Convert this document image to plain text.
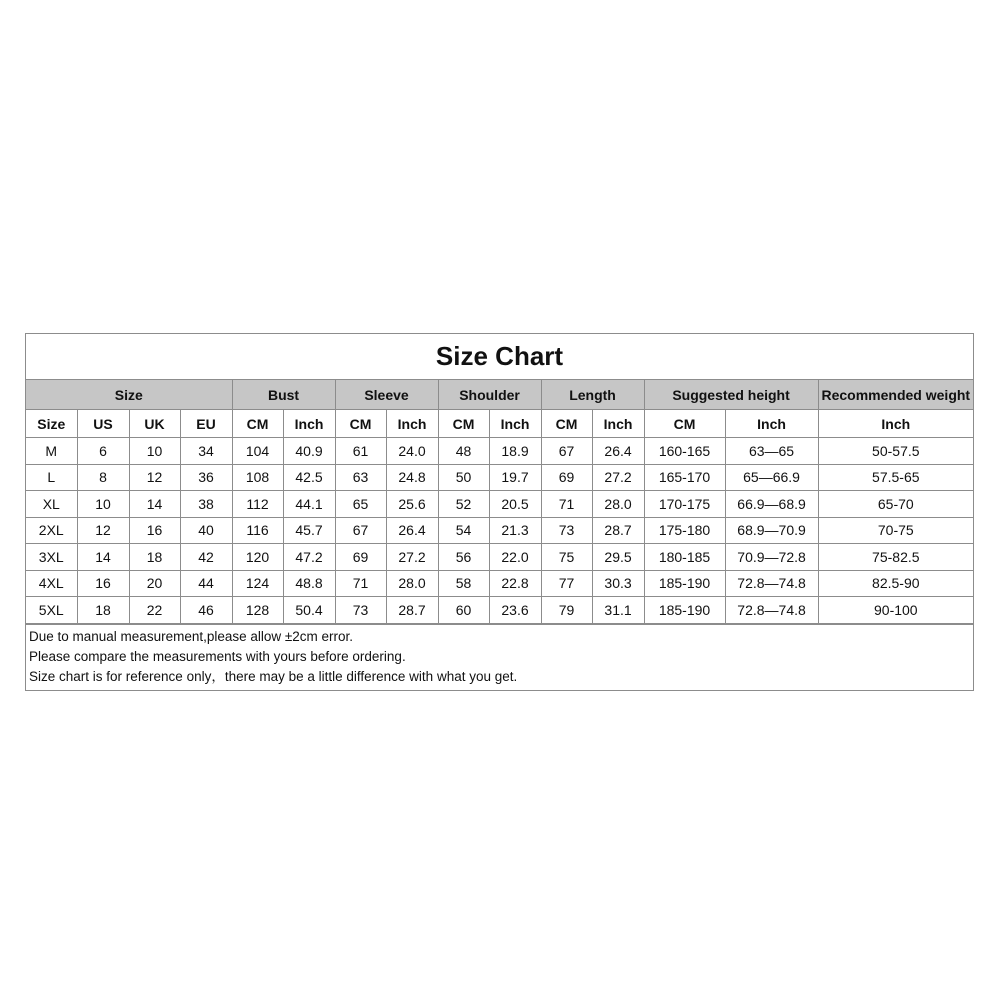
Size Chart
Size				Bust		Sleeve		Shoulder		Length		Suggested height		Recommended weight
Size	US	UK	EU	CM	Inch	CM	Inch	CM	Inch	CM	Inch	CM	Inch	Inch
M	6	10	34	104	40.9	61	24.0	48	18.9	67	26.4	160-165	63—65	50-57.5
L	8	12	36	108	42.5	63	24.8	50	19.7	69	27.2	165-170	65—66.9	57.5-65
XL	10	14	38	112	44.1	65	25.6	52	20.5	71	28.0	170-175	66.9—68.9	65-70
2XL	12	16	40	116	45.7	67	26.4	54	21.3	73	28.7	175-180	68.9—70.9	70-75
3XL	14	18	42	120	47.2	69	27.2	56	22.0	75	29.5	180-185	70.9—72.8	75-82.5
4XL	16	20	44	124	48.8	71	28.0	58	22.8	77	30.3	185-190	72.8—74.8	82.5-90
5XL	18	22	46	128	50.4	73	28.7	60	23.6	79	31.1	185-190	72.8—74.8	90-100
Due to manual measurement,please allow ±2cm error.
Please compare the measurements with yours before ordering.
Size chart is for reference only，there may be a little difference with what you get.
